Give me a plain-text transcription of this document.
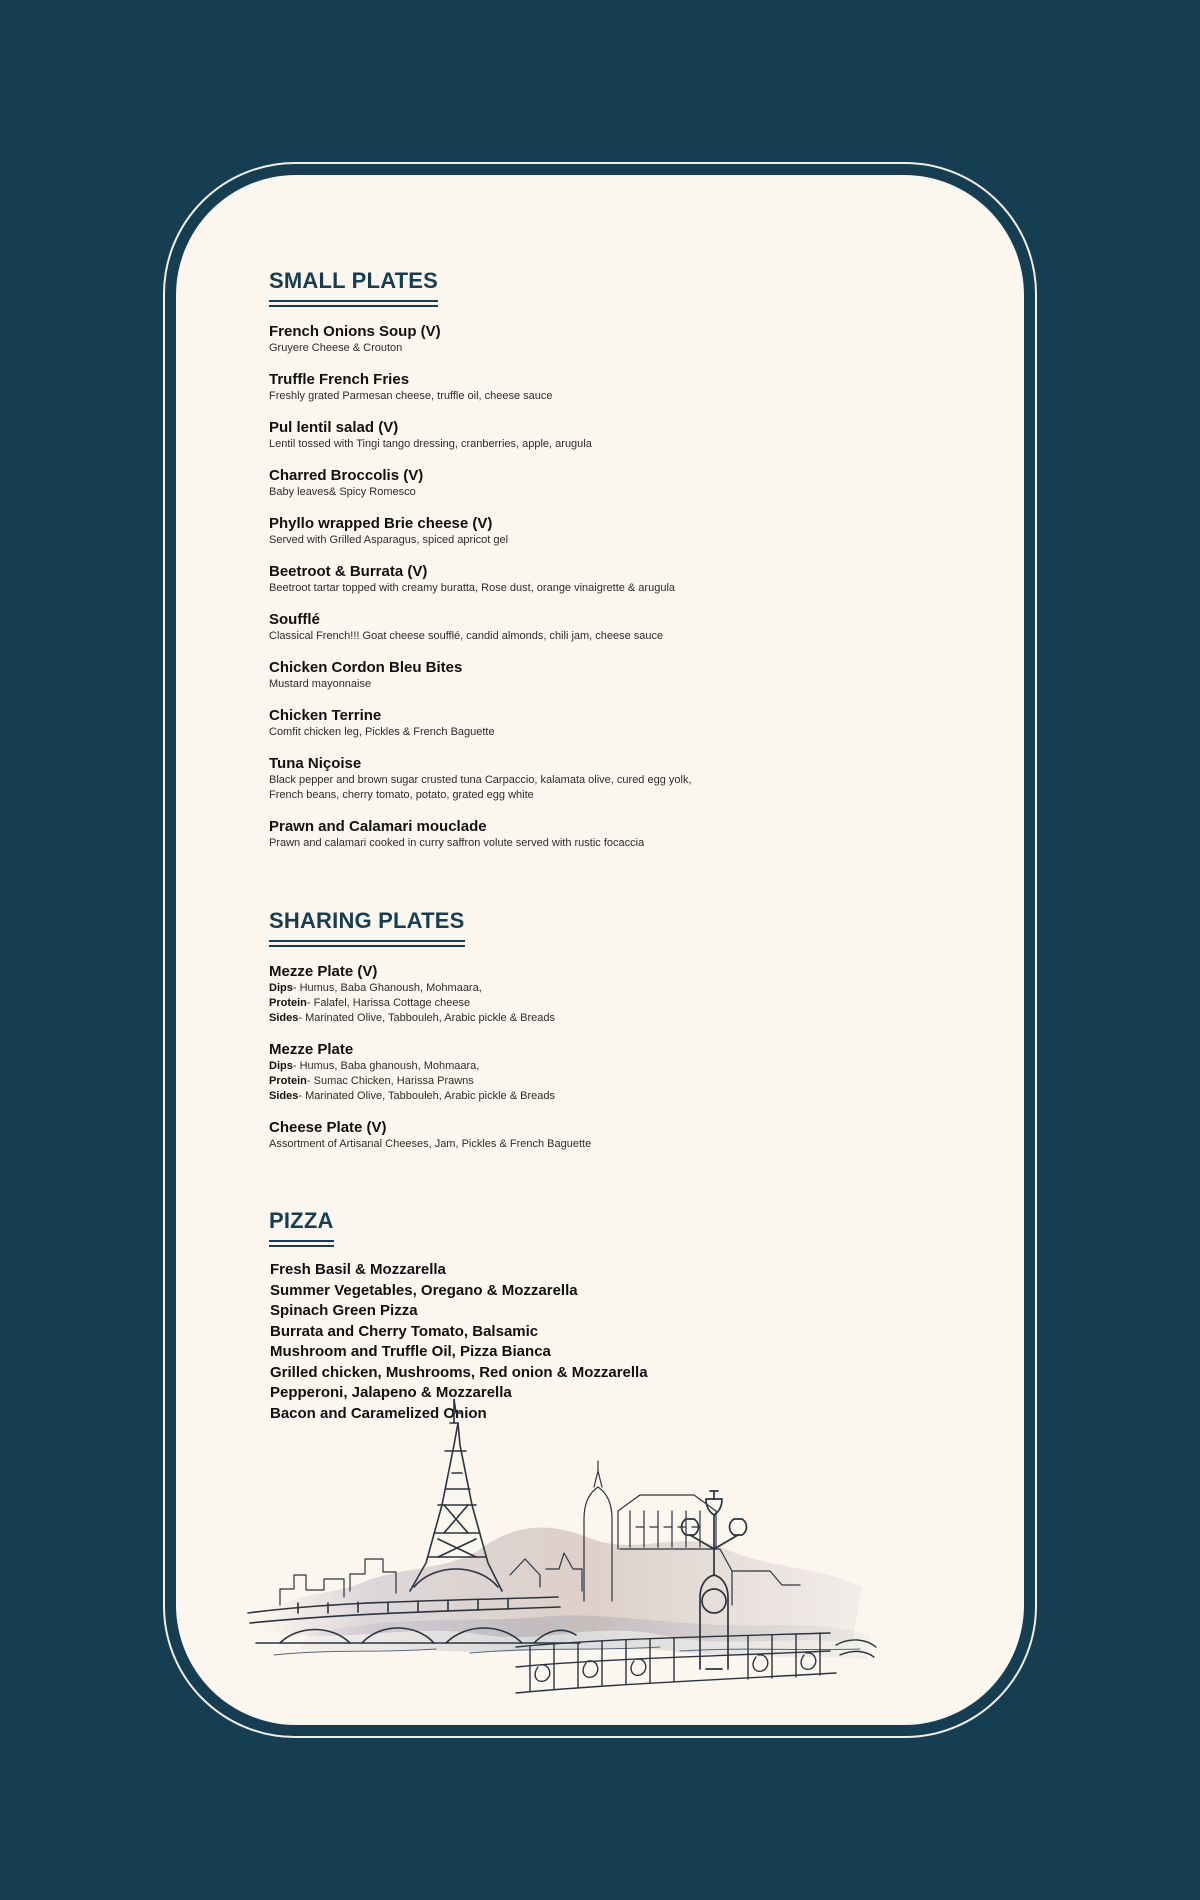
SMALL PLATES
French Onions Soup (V)
Gruyere Cheese & Crouton
Truffle French Fries
Freshly grated Parmesan cheese, truffle oil, cheese sauce
Pul lentil salad (V)
Lentil tossed with Tingi tango dressing, cranberries, apple, arugula
Charred Broccolis (V)
Baby leaves& Spicy Romesco
Phyllo wrapped Brie cheese (V)
Served with Grilled Asparagus, spiced apricot gel
Beetroot & Burrata (V)
Beetroot tartar topped with creamy buratta, Rose dust, orange vinaigrette & arugula
Soufflé
Classical French!!! Goat cheese soufflé, candid almonds, chili jam, cheese sauce
Chicken Cordon Bleu Bites
Mustard mayonnaise
Chicken Terrine
Comfit chicken leg, Pickles & French Baguette
Tuna Niçoise
Black pepper and brown sugar crusted tuna Carpaccio, kalamata olive, cured egg yolk,
French beans, cherry tomato, potato, grated egg white
Prawn and Calamari mouclade
Prawn and calamari cooked in curry saffron volute served with rustic focaccia
SHARING PLATES
Mezze Plate (V)
Dips- Humus, Baba Ghanoush, Mohmaara,
Protein- Falafel, Harissa Cottage cheese
Sides- Marinated Olive, Tabbouleh, Arabic pickle & Breads
Mezze Plate
Dips- Humus, Baba ghanoush, Mohmaara,
Protein- Sumac Chicken, Harissa Prawns
Sides- Marinated Olive, Tabbouleh, Arabic pickle & Breads
Cheese Plate (V)
Assortment of Artisanal Cheeses, Jam, Pickles & French Baguette
PIZZA
Fresh Basil & Mozzarella
Summer Vegetables, Oregano & Mozzarella
Spinach Green Pizza
Burrata and Cherry Tomato, Balsamic
Mushroom and Truffle Oil, Pizza Bianca
Grilled chicken, Mushrooms, Red onion & Mozzarella
Pepperoni, Jalapeno & Mozzarella
Bacon and Caramelized Onion
